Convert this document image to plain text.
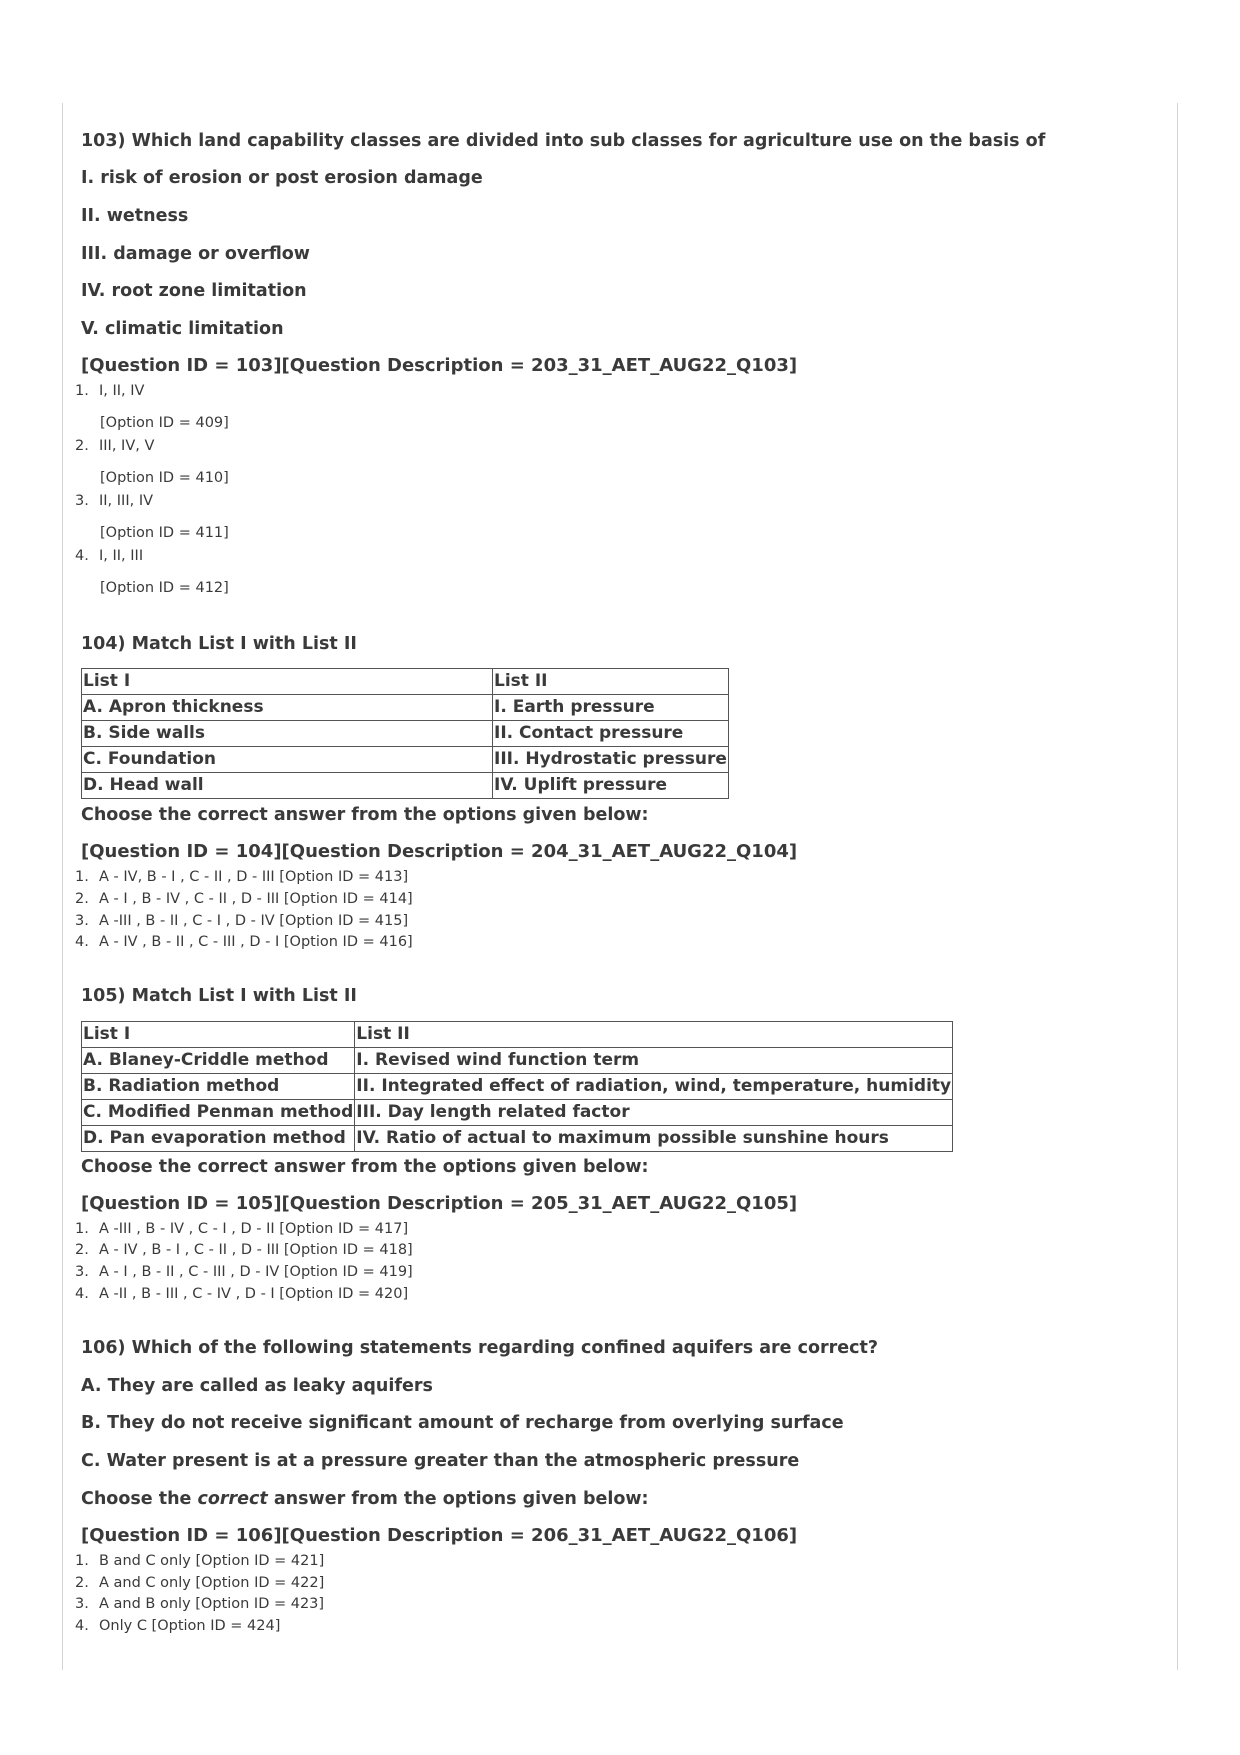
103) Which land capability classes are divided into sub classes for agriculture use on the basis of
I. risk of erosion or post erosion damage
II. wetness
III. damage or overflow
IV. root zone limitation
V. climatic limitation
[Question ID = 103][Question Description = 203_31_AET_AUG22_Q103]
1. I, II, IV
[Option ID = 409]
2. III, IV, V
[Option ID = 410]
3. II, III, IV
[Option ID = 411]
4. I, II, III
[Option ID = 412]
104) Match List I with List II
List I	List II
A. Apron thickness	I. Earth pressure
B. Side walls	II. Contact pressure
C. Foundation	III. Hydrostatic pressure
D. Head wall	IV. Uplift pressure
Choose the correct answer from the options given below:
[Question ID = 104][Question Description = 204_31_AET_AUG22_Q104]
1. A - IV, B - I , C - II , D - III [Option ID = 413]
2. A - I , B - IV , C - II , D - III [Option ID = 414]
3. A -III , B - II , C - I , D - IV [Option ID = 415]
4. A - IV , B - II , C - III , D - I [Option ID = 416]
105) Match List I with List II
List I	List II
A. Blaney-Criddle method	I. Revised wind function term
B. Radiation method	II. Integrated effect of radiation, wind, temperature, humidity
C. Modified Penman method	III. Day length related factor
D. Pan evaporation method	IV. Ratio of actual to maximum possible sunshine hours
Choose the correct answer from the options given below:
[Question ID = 105][Question Description = 205_31_AET_AUG22_Q105]
1. A -III , B - IV , C - I , D - II [Option ID = 417]
2. A - IV , B - I , C - II , D - III [Option ID = 418]
3. A - I , B - II , C - III , D - IV [Option ID = 419]
4. A -II , B - III , C - IV , D - I [Option ID = 420]
106) Which of the following statements regarding confined aquifers are correct?
A. They are called as leaky aquifers
B. They do not receive significant amount of recharge from overlying surface
C. Water present is at a pressure greater than the atmospheric pressure
Choose the correct answer from the options given below:
[Question ID = 106][Question Description = 206_31_AET_AUG22_Q106]
1. B and C only [Option ID = 421]
2. A and C only [Option ID = 422]
3. A and B only [Option ID = 423]
4. Only C [Option ID = 424]
